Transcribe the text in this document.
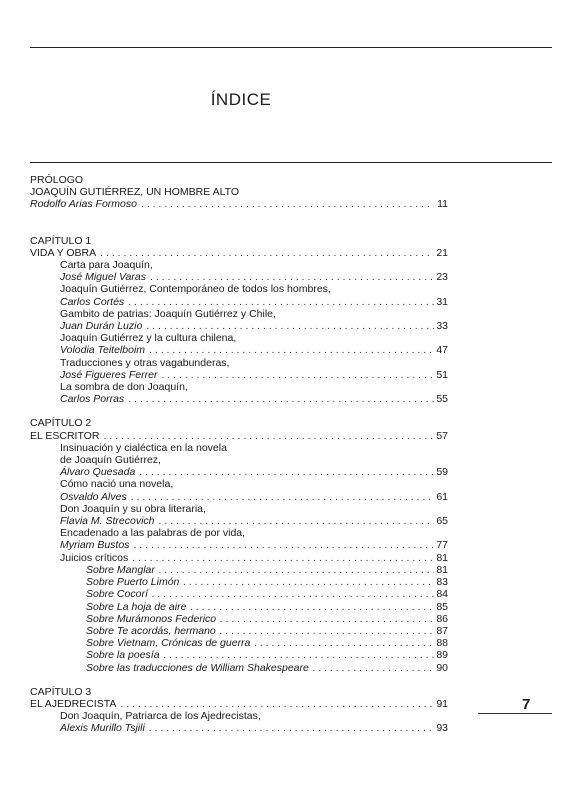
ÍNDICE
PRÓLOGO
JOAQUÍN GUTIÉRREZ, UN HOMBRE ALTO
Rodolfo Arias Formoso . . .	11
CAPÍTULO 1
VIDA Y OBRA . . .	21
Carta para Joaquín,
José Miguel Varas . . .	23
Joaquín Gutiérrez, Contemporáneo de todos los hombres,
Carlos Cortés . . .	31
Gambito de patrias: Joaquín Gutiérrez y Chile,
Juan Durán Luzio . . .	33
Joaquín Gutiérrez y la cultura chilena,
Volodia Teitelboim . . .	47
Traducciones y otras vagabunderas,
José Figueres Ferrer . . .	51
La sombra de don Joaquín,
Carlos Porras . . .	55
CAPÍTULO 2
EL ESCRITOR . . .	57
Insinuación y cialéctica en la novela
de Joaquín Gutiérrez,
Álvaro Quesada . . .	59
Cómo nació una novela,
Osvaldo Alves . . .	61
Don Joaquín y su obra literaria,
Flavia M. Strecovich . . .	65
Encadenado a las palabras de por vida,
Myriam Bustos . . .	77
Juicios críticos . . .	81
Sobre Manglar . . .	81
Sobre Puerto Limón . . .	83
Sobre Cocorí . . .	84
Sobre La hoja de aire . . .	85
Sobre Murámonos Federico . . .	86
Sobre Te acordás, hermano . . .	87
Sobre Vietnam, Crónicas de guerra . . .	88
Sobre la poesía . . .	89
Sobre las traducciones de William Shakespeare . . .	90
CAPÍTULO 3
EL AJEDRECISTA . . .	91
Don Joaquín, Patriarca de los Ajedrecistas,
Alexis Murillo Tsjili . . .	93
7
